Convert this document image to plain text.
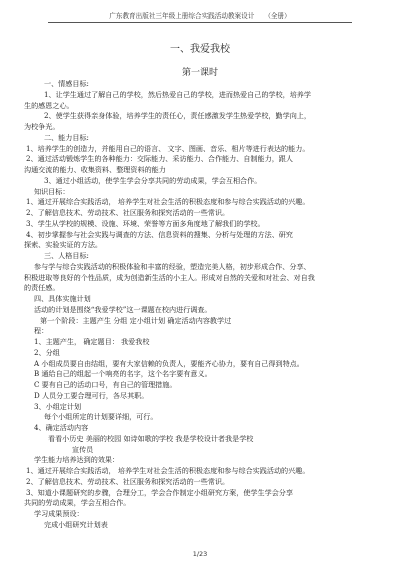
广东教育出版社三年级上册综合实践活动教案设计 （全册）
一、我爱我校
第一课时
一、情感目标:
1、让学生通过了解自己的学校，然后热爱自己的学校，进而热爱自己的学校，培养学
生的感恩之心。
2、使学生获得亲身体验，培养学生的责任心，责任感激发学生热爱学校，勤学向上，
为校争光。
二、能力目标:
1、培养学生的创造力，并能用自己的语言、 文字、图画、音乐、相片等进行表达的能力。
2、通过活动锻炼学生的各种能力：交际能力、采访能力、合作能力、自制能力，跟人
沟通交流的能力、收集资料、整理资料的能力
3、通过小组活动，使学生学会分享共同的劳动成果，学会互相合作。
知识目标：
1、通过开展综合实践活动， 培养学生对社会生活的积极态度和参与综合实践活动的兴趣。
2、了解信息技术、劳动技术、社区服务和探究活动的一些常识。
3、学生从学校的规模、设施、环境、荣誉等方面多角度地了解我们的学校。
4、初步掌握参与社会实践与调查的方法、信息资料的搜集、分析与处理的方法、研究
探索、实验实证的方法。
三、人格目标:
参与学与综合实践活动的积极体验和丰富的经验，塑造完美人格，初步形成合作、分享、
积极进取等良好的个性品质，成为创造新生活的小主人。形成对自然的关爱和对社会、对自我
的责任感。
四、具体实施计划
活动的计划是围绕“我爱学校”这一课题在校内进行调查。
第一个阶段：主题产生 分组 定小组计划 确定活动内容教学过
程：
1、主题产生， 确定题目： 我爱我校
2、分组
A 小组成员要自由结组，要有大家信赖的负责人，要能齐心协力，要有自己得到特点。
B 通给自己的组起一个响亮的名字，这个名字要有意义。
C 要有自己的活动口号，有自己的管理措施。
D 人员分工要合理可行，各尽其职。
3、小组定计划
每个小组所定的计划要详细，可行。
4、确定活动内容
看看小历史 美丽的校园 如诗如歌的学校 我是学校设计者我是学校
宣传员
学生能力培养达到的效果：
1、通过开展综合实践活动， 培养学生对社会生活的积极态度和参与综合实践活动的兴趣。
2、了解信息技术、劳动技术、社区服务和探究活动的一些常识。
3、知道小课题研究的步骤，合理分工，学会合作制定小组研究方案，使学生学会分享
共同的劳动成果，学会互相合作。
学习成果预设：
完成小组研究计划表
1/23
